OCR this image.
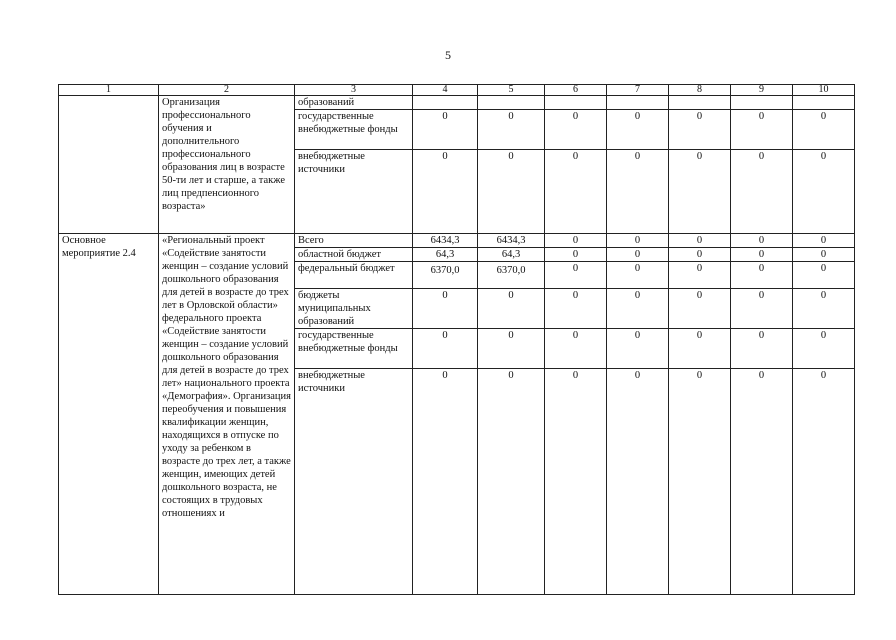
5
1	2	3	4	5	6	7	8	9	10
	Организация профессионального обучения и дополнительного профессионального образования лиц в возрасте 50-ти лет и старше, а также лиц предпенсионного возраста»	образований							
		государственные внебюджетные фонды	0	0	0	0	0	0	0
		внебюджетные источники	0	0	0	0	0	0	0
Основное мероприятие 2.4	«Региональный проект «Содействие занятости женщин – создание условий дошкольного образования для детей в возрасте до трех лет в Орловской области» федерального проекта «Содействие занятости женщин – создание условий дошкольного образования для детей в возрасте до трех лет» национального проекта «Демография». Организация переобучения и повышения квалификации женщин, находящихся в отпуске по уходу за ребенком в возрасте до трех лет, а также женщин, имеющих детей дошкольного возраста, не состоящих в трудовых отношениях и	Всего	6434,3	6434,3	0	0	0	0	0
		областной бюджет	64,3	64,3	0	0	0	0	0
		федеральный бюджет	6370,0	6370,0	0	0	0	0	0
		бюджеты муниципальных образований	0	0	0	0	0	0	0
		государственные внебюджетные фонды	0	0	0	0	0	0	0
		внебюджетные источники	0	0	0	0	0	0	0
